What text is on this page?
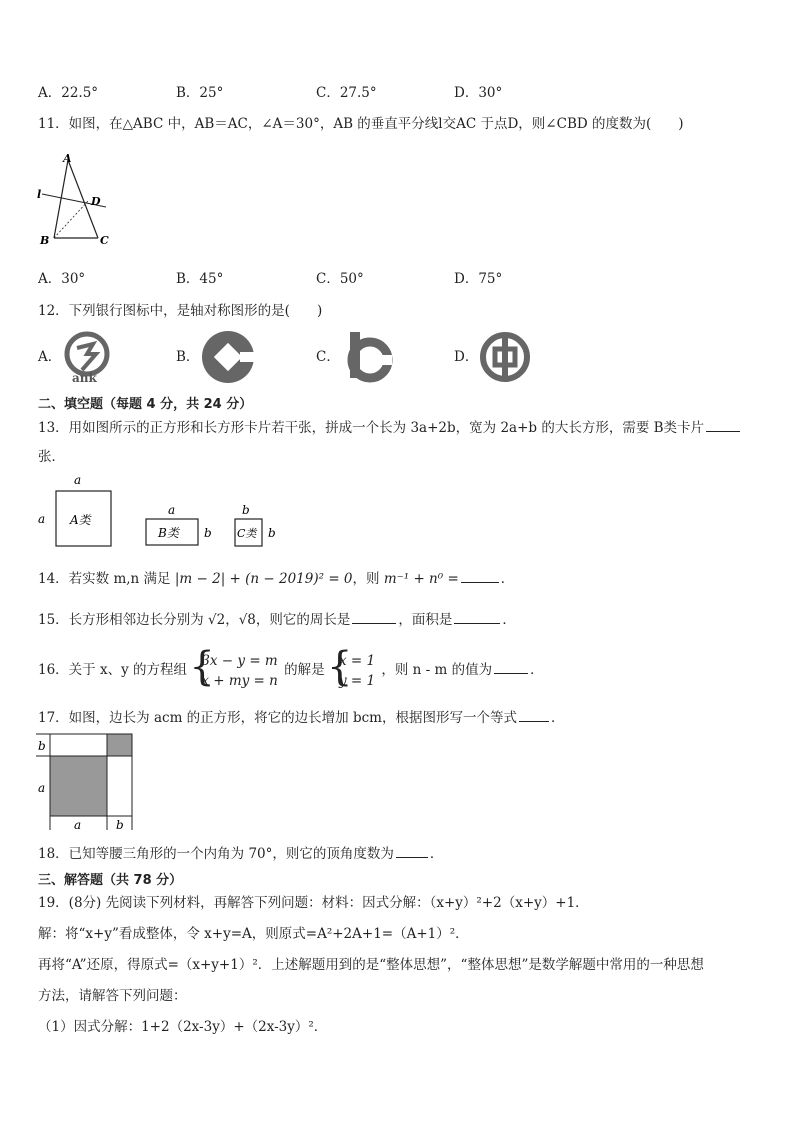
A．22.5°	B．25°	C．27.5°	D．30°
11．如图，在△ABC 中，AB＝AC，∠A＝30°，AB 的垂直平分线l交AC 于点D，则∠CBD 的度数为(　　)
A
l
D
B	C
A．30°	B．45°	C．50°	D．75°
12．下列银行图标中，是轴对称图形的是(　　)
A．
ank
B．	C．	D．
二、填空题（每题 4 分，共 24 分）
13．用如图所示的正方形和长方形卡片若干张，拼成一个长为 3a+2b，宽为 2a+b 的大长方形，需要 B类卡片
张．
a
a A类
a
B类 b
b
C类 b
14．若实数 m,n 满足 |m − 2| + (n − 2019)² = 0，则 m⁻¹ + n⁰ =	．
15．长方形相邻边长分别为 √2，√8，则它的周长是	，面积是	．
16．关于 x、y 的方程组
{ 3x − y = m
x + my = n
的解是
{ x = 1
y = 1
，则 n - m 的值为	．
17．如图，边长为 acm 的正方形，将它的边长增加 bcm，根据图形写一个等式	．
b
a
a	b
18．已知等腰三角形的一个内角为 70°，则它的顶角度数为	．
三、解答题（共 78 分）
19．(8分) 先阅读下列材料，再解答下列问题：材料：因式分解：（x+y）²+2（x+y）+1．
解：将“x+y”看成整体，令 x+y=A，则原式=A²+2A+1=（A+1）²．
再将“A”还原，得原式=（x+y+1）²．上述解题用到的是“整体思想”，“整体思想”是数学解题中常用的一种思想
方法，请解答下列问题：
（1）因式分解：1+2（2x-3y）+（2x-3y）²．
